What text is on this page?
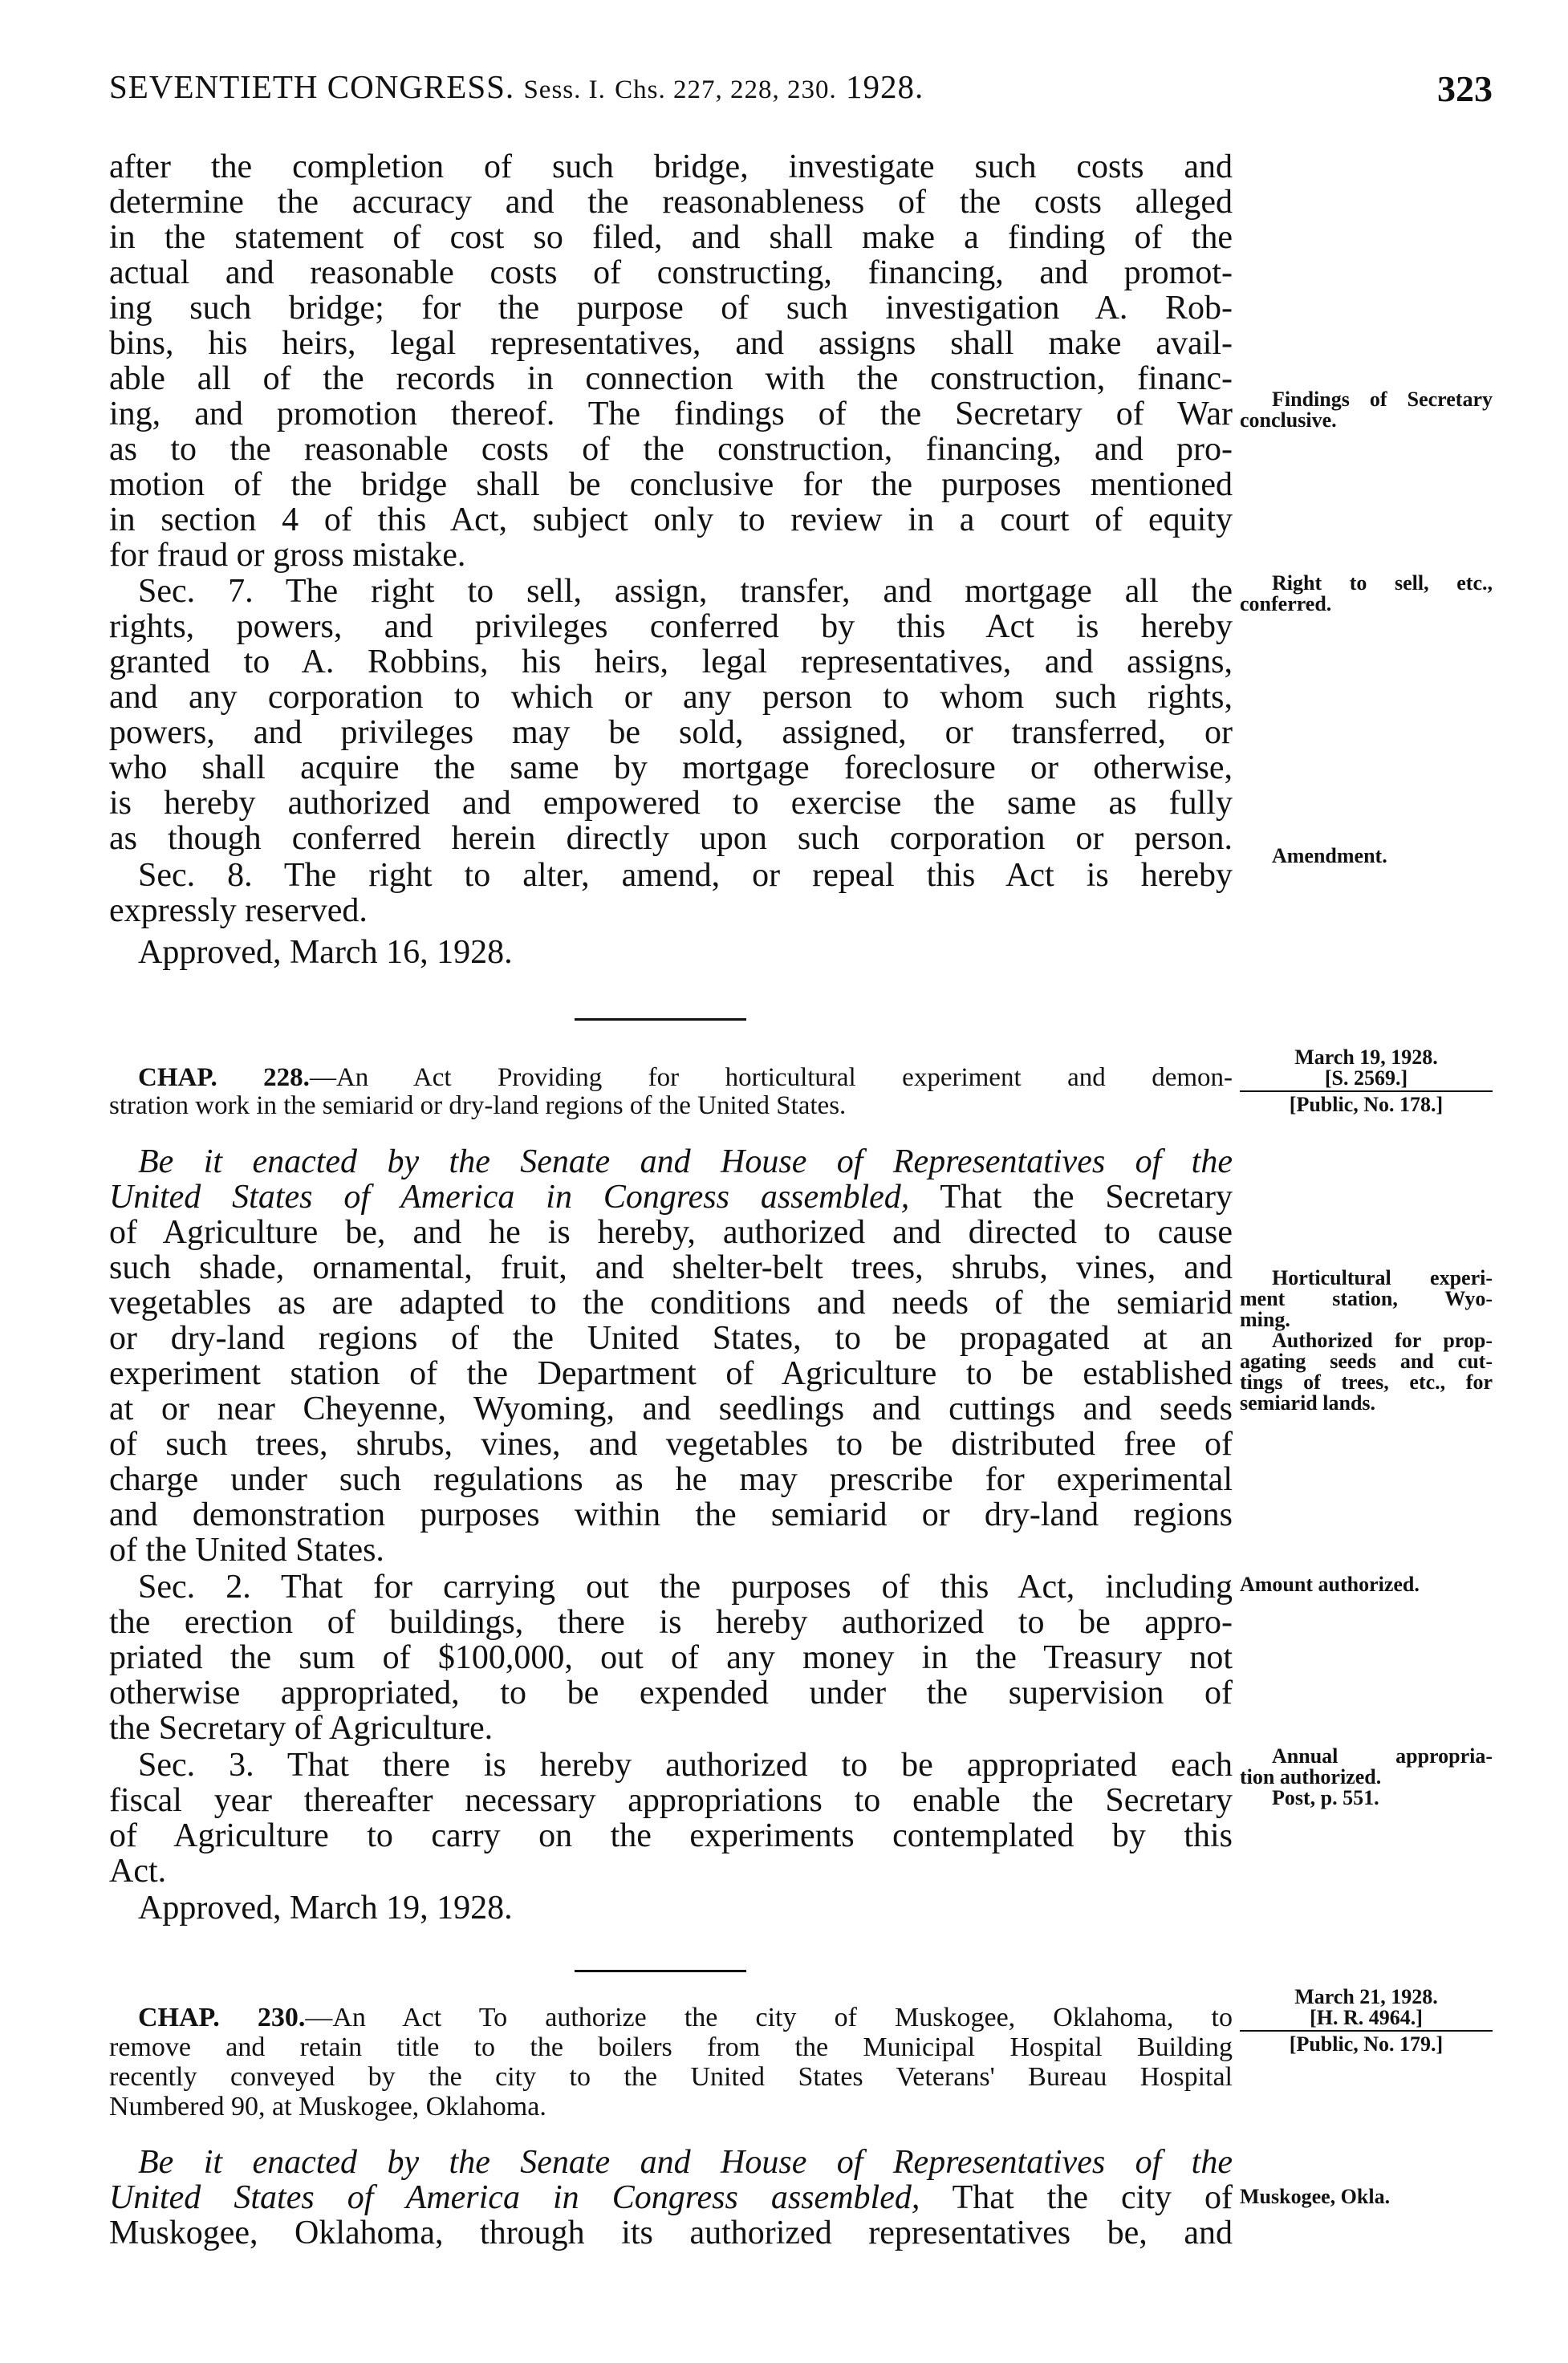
SEVENTIETH CONGRESS. Sess. I. Chs. 227, 228, 230. 1928.	323
after the completion of such bridge, investigate such costs and
determine the accuracy and the reasonableness of the costs alleged
in the statement of cost so filed, and shall make a finding of the
actual and reasonable costs of constructing, financing, and promot-
ing such bridge; for the purpose of such investigation A. Rob-
bins, his heirs, legal representatives, and assigns shall make avail-
able all of the records in connection with the construction, financ-
ing, and promotion thereof. The findings of the Secretary of War
as to the reasonable costs of the construction, financing, and pro-
motion of the bridge shall be conclusive for the purposes mentioned
in section 4 of this Act, subject only to review in a court of equity
for fraud or gross mistake.
Sec. 7. The right to sell, assign, transfer, and mortgage all the
rights, powers, and privileges conferred by this Act is hereby
granted to A. Robbins, his heirs, legal representatives, and assigns,
and any corporation to which or any person to whom such rights,
powers, and privileges may be sold, assigned, or transferred, or
who shall acquire the same by mortgage foreclosure or otherwise,
is hereby authorized and empowered to exercise the same as fully
as though conferred herein directly upon such corporation or person.
Sec. 8. The right to alter, amend, or repeal this Act is hereby
expressly reserved.
Approved, March 16, 1928.
CHAP. 228.—An Act Providing for horticultural experiment and demon-
stration work in the semiarid or dry-land regions of the United States.
Be it enacted by the Senate and House of Representatives of the
United States of America in Congress assembled, That the Secretary
of Agriculture be, and he is hereby, authorized and directed to cause
such shade, ornamental, fruit, and shelter-belt trees, shrubs, vines, and
vegetables as are adapted to the conditions and needs of the semiarid
or dry-land regions of the United States, to be propagated at an
experiment station of the Department of Agriculture to be established
at or near Cheyenne, Wyoming, and seedlings and cuttings and seeds
of such trees, shrubs, vines, and vegetables to be distributed free of
charge under such regulations as he may prescribe for experimental
and demonstration purposes within the semiarid or dry-land regions
of the United States.
Sec. 2. That for carrying out the purposes of this Act, including
the erection of buildings, there is hereby authorized to be appro-
priated the sum of $100,000, out of any money in the Treasury not
otherwise appropriated, to be expended under the supervision of
the Secretary of Agriculture.
Sec. 3. That there is hereby authorized to be appropriated each
fiscal year thereafter necessary appropriations to enable the Secretary
of Agriculture to carry on the experiments contemplated by this
Act.
Approved, March 19, 1928.
CHAP. 230.—An Act To authorize the city of Muskogee, Oklahoma, to
remove and retain title to the boilers from the Municipal Hospital Building
recently conveyed by the city to the United States Veterans' Bureau Hospital
Numbered 90, at Muskogee, Oklahoma.
Be it enacted by the Senate and House of Representatives of the
United States of America in Congress assembled, That the city of
Muskogee, Oklahoma, through its authorized representatives be, and
Findings of Secretary
conclusive.
Right to sell, etc.,
conferred.
Amendment.
March 19, 1928.
[S. 2569.]
[Public, No. 178.]
Horticultural experi-
ment station, Wyo-
ming.
Authorized for prop-
agating seeds and cut-
tings of trees, etc., for
semiarid lands.
Amount authorized.
Annual appropria-
tion authorized.
Post, p. 551.
March 21, 1928.
[H. R. 4964.]
[Public, No. 179.]
Muskogee, Okla.
